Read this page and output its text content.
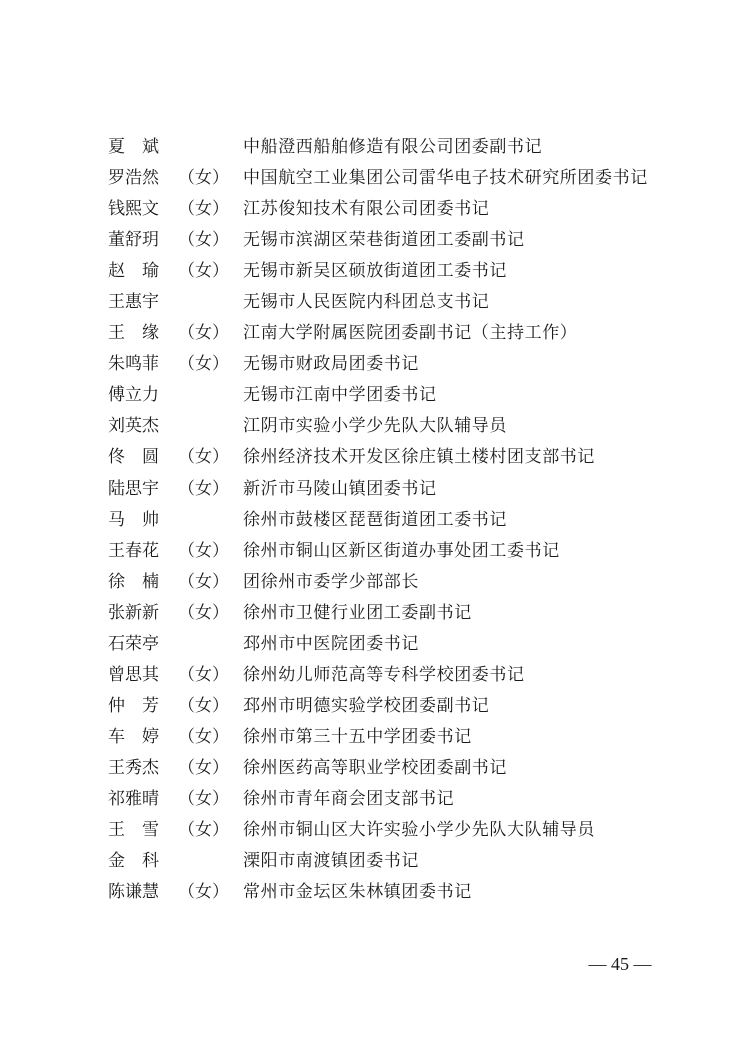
夏　斌	中船澄西船舶修造有限公司团委副书记
罗浩然	（女） 中国航空工业集团公司雷华电子技术研究所团委书记
钱熙文	（女） 江苏俊知技术有限公司团委书记
董舒玥	（女） 无锡市滨湖区荣巷街道团工委副书记
赵　瑜	（女） 无锡市新吴区硕放街道团工委书记
王惠宇	无锡市人民医院内科团总支书记
王　缘	（女） 江南大学附属医院团委副书记（主持工作）
朱鸣菲	（女） 无锡市财政局团委书记
傅立力	无锡市江南中学团委书记
刘英杰	江阴市实验小学少先队大队辅导员
佟　圆	（女） 徐州经济技术开发区徐庄镇土楼村团支部书记
陆思宇	（女） 新沂市马陵山镇团委书记
马　帅	徐州市鼓楼区琵琶街道团工委书记
王春花	（女） 徐州市铜山区新区街道办事处团工委书记
徐　楠	（女） 团徐州市委学少部部长
张新新	（女） 徐州市卫健行业团工委副书记
石荣亭	邳州市中医院团委书记
曾思其	（女） 徐州幼儿师范高等专科学校团委书记
仲　芳	（女） 邳州市明德实验学校团委副书记
车　婷	（女） 徐州市第三十五中学团委书记
王秀杰	（女） 徐州医药高等职业学校团委副书记
祁雅晴	（女） 徐州市青年商会团支部书记
王　雪	（女） 徐州市铜山区大许实验小学少先队大队辅导员
金　科	溧阳市南渡镇团委书记
陈谦慧	（女） 常州市金坛区朱林镇团委书记
— 45 —
